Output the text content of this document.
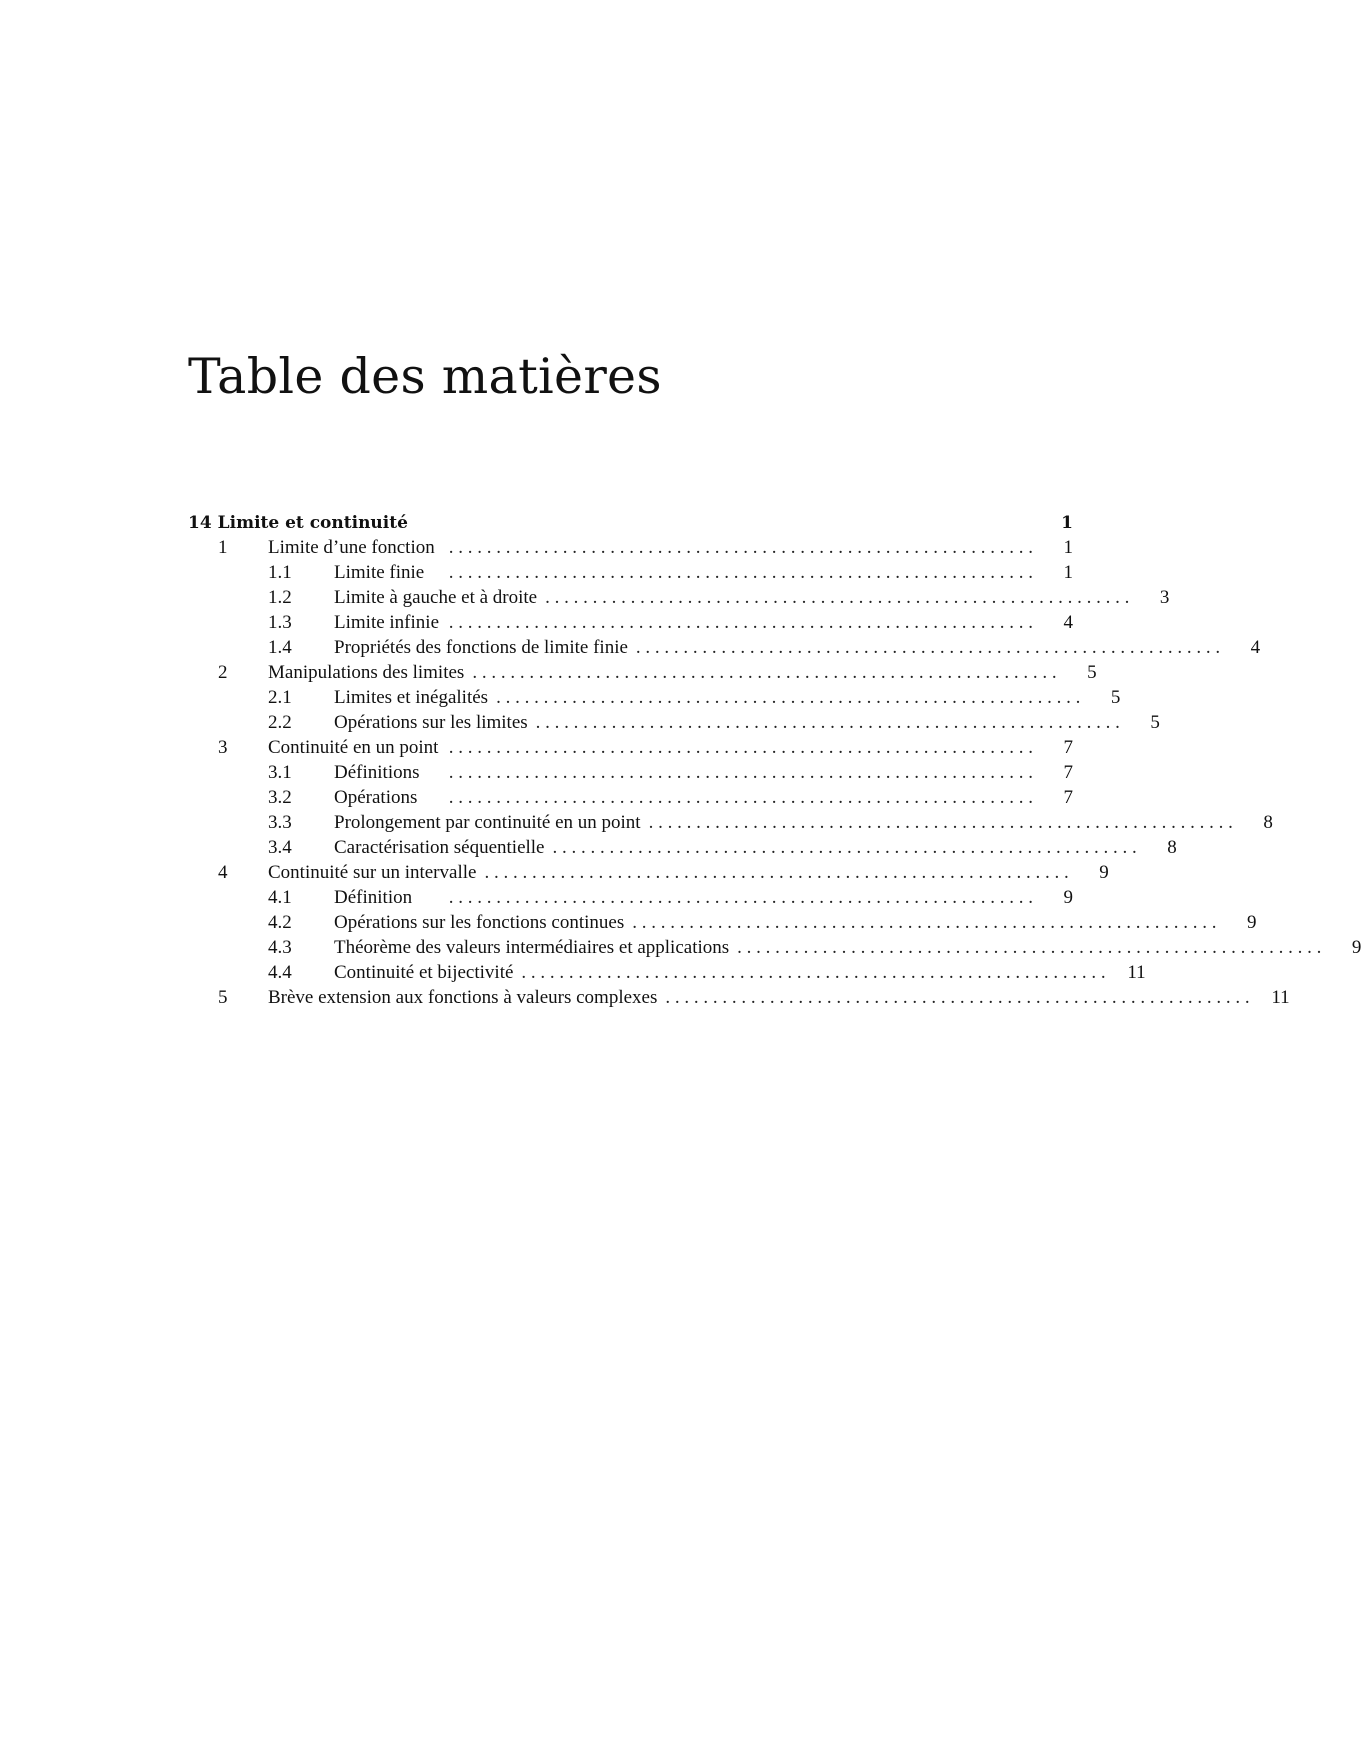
Table des matières
14 Limite et continuité	1
1	Limite d’une fonction . . . . . . . . . . . . . . . . . . . . . . . . . . . . . . . . . . . . . . . . . . . . . . . . . . . . . . . . . . . . . .	1
1.1	Limite finie	. . . . . . . . . . . . . . . . . . . . . . . . . . . . . . . . . . . . . . . . . . . . . . . . . . . . . . . . . . . . . .	1
1.2	Limite à gauche et à droite . . . . . . . . . . . . . . . . . . . . . . . . . . . . . . . . . . . . . . . . . . . . . . . . . . . . . . . . . . . . . .	3
1.3	Limite infinie . . . . . . . . . . . . . . . . . . . . . . . . . . . . . . . . . . . . . . . . . . . . . . . . . . . . . . . . . . . . . .	4
1.4	Propriétés des fonctions de limite finie . . . . . . . . . . . . . . . . . . . . . . . . . . . . . . . . . . . . . . . . . . . . . . . . . . . . . . . . . . . . . .	4
2	Manipulations des limites . . . . . . . . . . . . . . . . . . . . . . . . . . . . . . . . . . . . . . . . . . . . . . . . . . . . . . . . . . . . . .	5
2.1	Limites et inégalités . . . . . . . . . . . . . . . . . . . . . . . . . . . . . . . . . . . . . . . . . . . . . . . . . . . . . . . . . . . . . .	5
2.2	Opérations sur les limites . . . . . . . . . . . . . . . . . . . . . . . . . . . . . . . . . . . . . . . . . . . . . . . . . . . . . . . . . . . . . .	5
3	Continuité en un point . . . . . . . . . . . . . . . . . . . . . . . . . . . . . . . . . . . . . . . . . . . . . . . . . . . . . . . . . . . . . .	7
3.1	Définitions	. . . . . . . . . . . . . . . . . . . . . . . . . . . . . . . . . . . . . . . . . . . . . . . . . . . . . . . . . . . . . .	7
3.2	Opérations	. . . . . . . . . . . . . . . . . . . . . . . . . . . . . . . . . . . . . . . . . . . . . . . . . . . . . . . . . . . . . .	7
3.3	Prolongement par continuité en un point . . . . . . . . . . . . . . . . . . . . . . . . . . . . . . . . . . . . . . . . . . . . . . . . . . . . . . . . . . . . . .	8
3.4	Caractérisation séquentielle . . . . . . . . . . . . . . . . . . . . . . . . . . . . . . . . . . . . . . . . . . . . . . . . . . . . . . . . . . . . . .	8
4	Continuité sur un intervalle . . . . . . . . . . . . . . . . . . . . . . . . . . . . . . . . . . . . . . . . . . . . . . . . . . . . . . . . . . . . . .	9
4.1	Définition	. . . . . . . . . . . . . . . . . . . . . . . . . . . . . . . . . . . . . . . . . . . . . . . . . . . . . . . . . . . . . .	9
4.2	Opérations sur les fonctions continues . . . . . . . . . . . . . . . . . . . . . . . . . . . . . . . . . . . . . . . . . . . . . . . . . . . . . . . . . . . . . .	9
4.3	Théorème des valeurs intermédiaires et applications . . . . . . . . . . . . . . . . . . . . . . . . . . . . . . . . . . . . . . . . . . . . . . . . . . . . . . . . . . . . . .	9
4.4	Continuité et bijectivité . . . . . . . . . . . . . . . . . . . . . . . . . . . . . . . . . . . . . . . . . . . . . . . . . . . . . . . . . . . . . .	11
5	Brève extension aux fonctions à valeurs complexes . . . . . . . . . . . . . . . . . . . . . . . . . . . . . . . . . . . . . . . . . . . . . . . . . . . . . . . . . . . . . .	11
